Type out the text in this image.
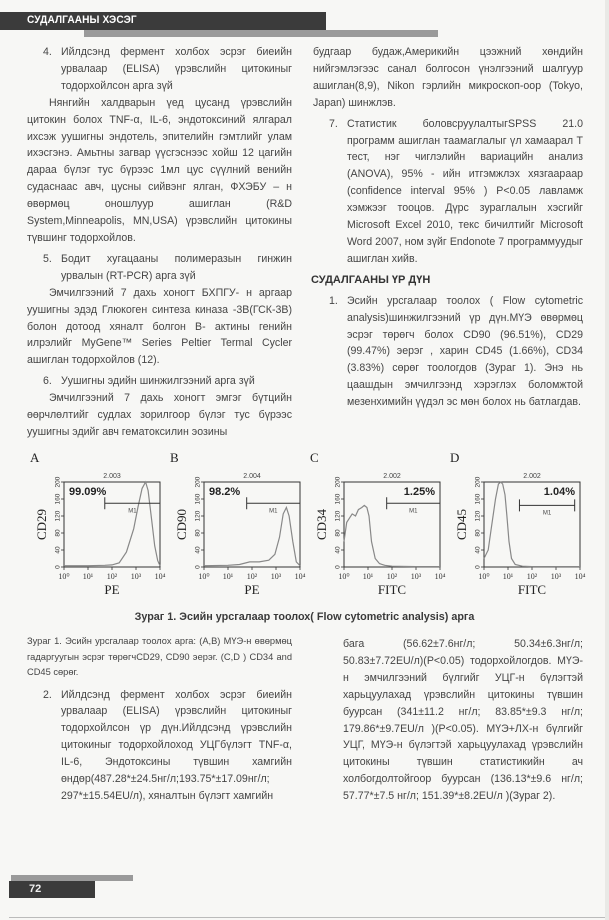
СУДАЛГААНЫ ХЭСЭГ
4. Ийлдсэнд фермент холбох эсрэг биеийн урвалаар (ELISA) үрэвслийн цитокиныг тодорхойлсон арга зүй

Нянгийн халдварын үед цусанд үрэвслийн цитокин болох TNF-α, IL-6, эндотоксиний ялгарал ихсэж уушигны эндотель, эпителийн гэмтлийг улам ихэсгэнэ. Амьтны загвар үүсгэснээс хойш 12 цагийн дараа бүлэг тус бүрээс 1мл цус сүүлний венийн судаснаас авч, цусны сийвэнг ялган, ФХЭБУ – н өвөрмөц оношлуур ашиглан (R&D System,Minneapolis, MN,USA) үрэвслийн цитокины түвшинг тодорхойлов.

5. Бодит хугацааны полимеразын гинжин урвалын (RT-PCR) арга зүй

Эмчилгээний 7 дахь хоногт БХПГУ- н аргаар уушигны эдэд Глюкоген синтеза киназа -3В(ГСК-3В) болон дотоод хяналт болгон В- актины генийн илрэлийг MyGene™ Series Peltier Termal Cycler ашиглан тодорхойлов (12).

6. Уушигны эдийн шинжилгээний арга зүй

Эмчилгээний 7 дахь хоногт эмгэг бүтцийн өөрчлөлтийг судлах зорилгоор бүлэг тус бүрээс уушигны эдийг авч гематоксилин эозины

будгаар будаж,Америкийн цээжний хөндийн нийгэмлэгээс санал болгосон үнэлгээний шалгуур ашиглан(8,9), Nikon гэрлийн микроскоп-оор (Tokyo, Japan) шинжлэв.

7. Статистик боловсруулалтыгSPSS 21.0 программ ашиглан таамаглалыг үл хамаарал T тест, нэг чиглэлийн вариацийн анализ (ANOVA), 95% - ийн итгэмжлэх хязгаараар (confidence interval 95% ) P<0.05 лавламж хэмжээг тооцов. Дүрс зураглалын хэсгийг Microsoft Excel 2010, текс бичилтийг Microsoft Word 2007, ном зүйг Endonote 7 программуудыг ашиглан хийв.

СУДАЛГААНЫ ҮР ДҮН

1. Эсийн урсгалаар тоолох ( Flow cytometric analysis)шинжилгээний үр дүн.МҮЭ өвөрмөц эсрэг төрөгч болох CD90 (96.51%), CD29 (99.47%) эерэг , харин CD45 (1.66%), CD34 (3.83%) сөрөг тоологдов (Зураг 1). Энэ нь цаашдын эмчилгээнд хэрэглэх боломжтой мезенхимийн үүдэл эс мөн болох нь батлагдав.
A
2.003
0
40
80
120
160
200
10⁰ 10¹ 10² 10³ 10⁴
PE
CD29	M1
99.09%
B
2.004
0
40
80
120
160
200
10⁰ 10¹ 10² 10³ 10⁴
PE
CD90	M1
98.2%
C
2.002
0
40
80
120
160
200
10⁰ 10¹ 10² 10³ 10⁴
FITC
CD34	M1
1.25%
D
2.002
0
40
80
120
160
200
10⁰ 10¹ 10² 10³ 10⁴
FITC
CD45	M1
1.04%
Зураг 1. Эсийн урсгалаар тоолох( Flow cytometric analysis) арга

Зураг 1. Эсийн урсгалаар тоолох арга: (A,B) МҮЭ-н өвөрмөц гадаргуугын эсрэг төрөгчCD29, CD90 эерэг. (C,D ) CD34 and CD45 сөрөг.

2. Ийлдсэнд фермент холбох эсрэг биеийн урвалаар (ELISA) үрэвслийн цитокиныг тодорхойлсон үр дүн.Ийлдсэнд үрэвслийн цитокиныг тодорхойлоход УЦГбүлэгт TNF-α, IL-6, Эндотоксины түвшин хамгийн өндөр(487.28*±24.5нг/л;193.75*±17.09нг/л; 297*±15.54EU/л), хяналтын бүлэгт хамгийн

бага (56.62±7.6нг/л; 50.34±6.3нг/л; 50.83±7.72EU/л)(P<0.05) тодорхойлогдов. МҮЭ-н эмчилгээний бүлгийг УЦГ-н бүлэгтэй харьцуулахад үрэвслийн цитокины түвшин буурсан (341±11.2 нг/л; 83.85*±9.3 нг/л; 179.86*±9.7EU/л )(P<0.05). МҮЭ+ЛХ-н бүлгийг УЦГ, МҮЭ-н бүлэгтэй харьцуулахад үрэвслийн цитокины түвшин статистикийн ач холбогдолтойгоор буурсан (136.13*±9.6 нг/л; 57.77*±7.5 нг/л; 151.39*±8.2EU/л )(Зураг 2).

72
